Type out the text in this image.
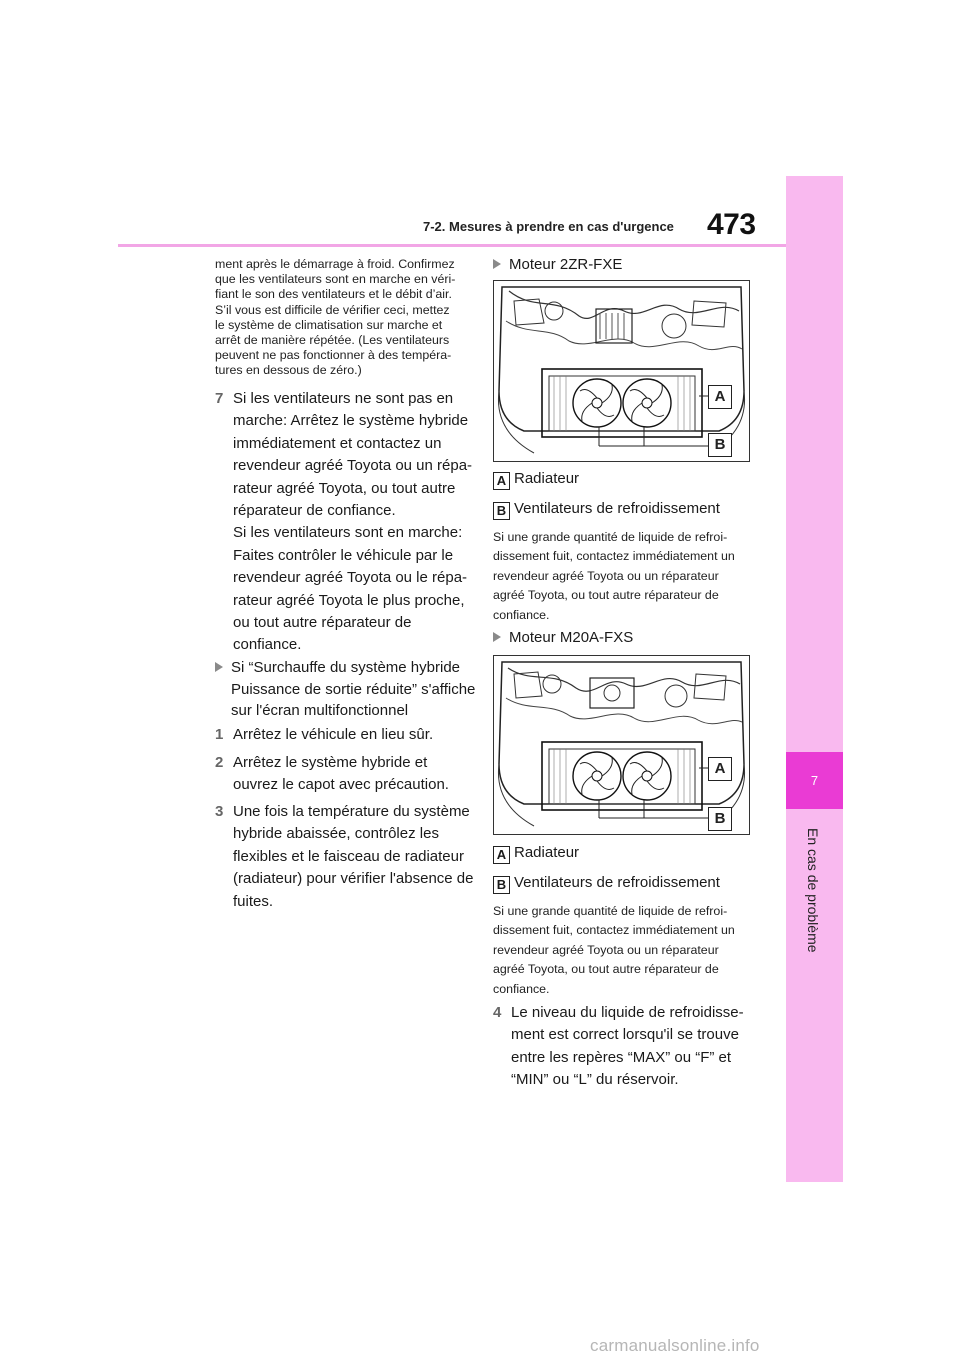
7-2. Mesures à prendre en cas d'urgence 473
7
En cas de problème
ment après le démarrage à froid. Confirmez
que les ventilateurs sont en marche en véri-
fiant le son des ventilateurs et le débit d’air.
S’il vous est difficile de vérifier ceci, mettez
le système de climatisation sur marche et
arrêt de manière répétée. (Les ventilateurs
peuvent ne pas fonctionner à des tempéra-
tures en dessous de zéro.)
7 Si les ventilateurs ne sont pas en
marche: Arrêtez le système hybride
immédiatement et contactez un
revendeur agréé Toyota ou un répa-
rateur agréé Toyota, ou tout autre
réparateur de confiance.
Si les ventilateurs sont en marche:
Faites contrôler le véhicule par le
revendeur agréé Toyota ou le répa-
rateur agréé Toyota le plus proche,
ou tout autre réparateur de
confiance.
Si “Surchauffe du système hybride
Puissance de sortie réduite” s'affiche
sur l'écran multifonctionnel
1 Arrêtez le véhicule en lieu sûr.
2 Arrêtez le système hybride et
ouvrez le capot avec précaution.
3 Une fois la température du système
hybride abaissée, contrôlez les
flexibles et le faisceau de radiateur
(radiateur) pour vérifier l'absence de
fuites.
Moteur 2ZR-FXE
A
B
A Radiateur
B Ventilateurs de refroidissement
Si une grande quantité de liquide de refroi-
dissement fuit, contactez immédiatement un
revendeur agréé Toyota ou un réparateur
agréé Toyota, ou tout autre réparateur de
confiance.
Moteur M20A-FXS
A
B
A Radiateur
B Ventilateurs de refroidissement
Si une grande quantité de liquide de refroi-
dissement fuit, contactez immédiatement un
revendeur agréé Toyota ou un réparateur
agréé Toyota, ou tout autre réparateur de
confiance.
4 Le niveau du liquide de refroidisse-
ment est correct lorsqu'il se trouve
entre les repères “MAX” ou “F” et
“MIN” ou “L” du réservoir.
carmanualsonline.info
